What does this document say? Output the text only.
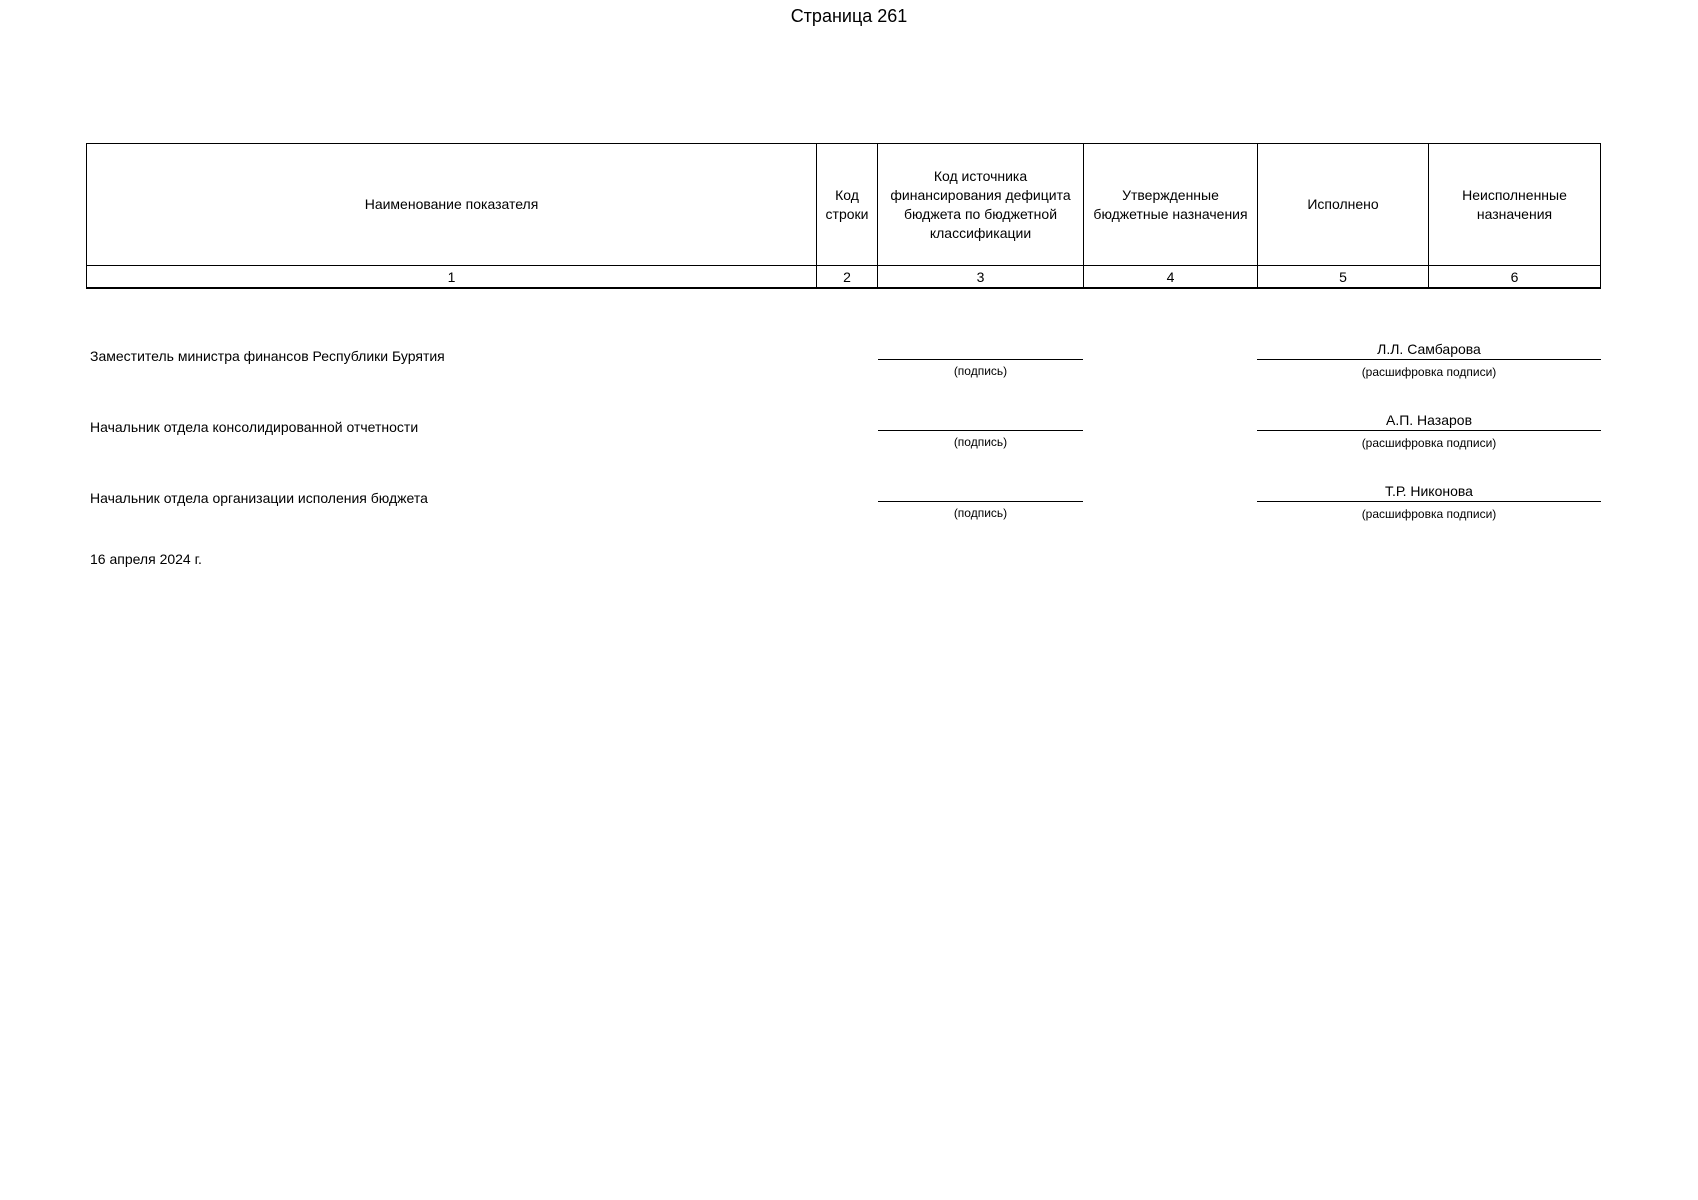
Страница 261
Наименование показателя	Код строки	Код источника финансирования дефицита бюджета по бюджетной классификации	Утвержденные бюджетные назначения	Исполнено	Неисполненные назначения
1	2	3	4	5	6
Заместитель министра финансов Республики Бурятия
(подпись)
Л.Л. Самбарова
(расшифровка подписи)
Начальник отдела консолидированной отчетности
(подпись)
А.П. Назаров
(расшифровка подписи)
Начальник отдела организации исполения бюджета
(подпись)
Т.Р. Никонова
(расшифровка подписи)
16 апреля 2024 г.
